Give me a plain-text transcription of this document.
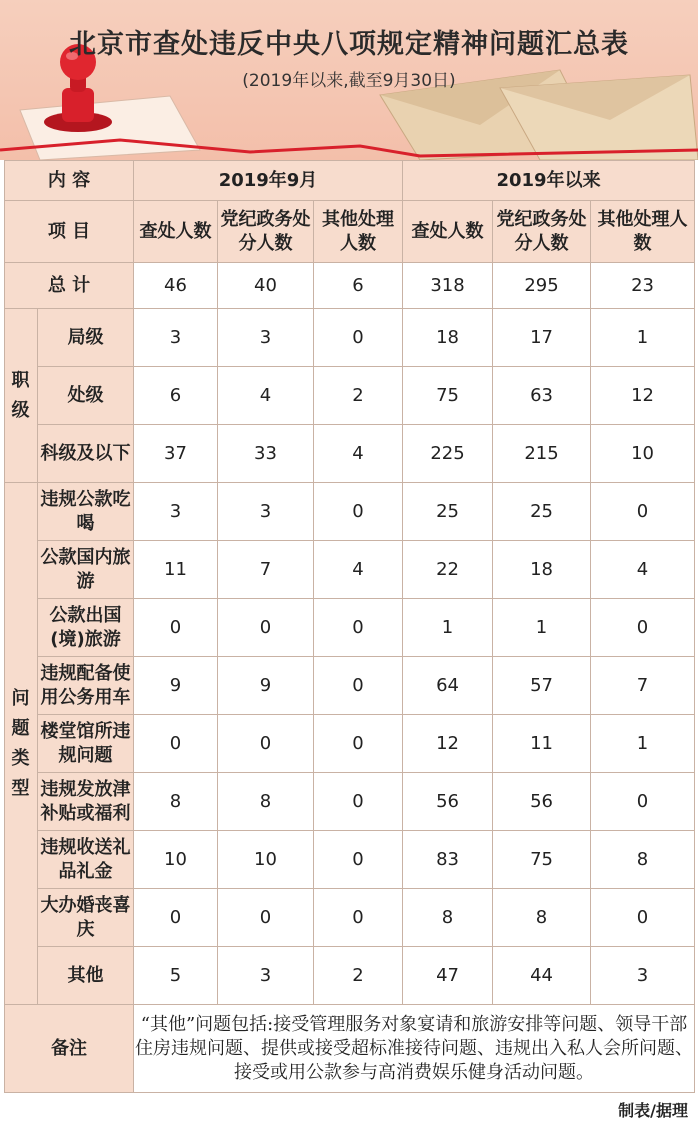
北京市查处违反中央八项规定精神问题汇总表
(2019年以来,截至9月30日)
内 容		2019年9月			2019年以来		
项 目		查处人数	党纪政务处分人数	其他处理人数	查处人数	党纪政务处分人数	其他处理人数
总 计		46	40	6	318	295	23
职级	局级	3	3	0	18	17	1
	处级	6	4	2	75	63	12
	科级及以下	37	33	4	225	215	10
问题类型	违规公款吃喝	3	3	0	25	25	0
	公款国内旅游	11	7	4	22	18	4
	公款出国(境)旅游	0	0	0	1	1	0
	违规配备使用公务用车	9	9	0	64	57	7
	楼堂馆所违规问题	0	0	0	12	11	1
	违规发放津补贴或福利	8	8	0	56	56	0
	违规收送礼品礼金	10	10	0	83	75	8
	大办婚丧喜庆	0	0	0	8	8	0
	其他	5	3	2	47	44	3
备注		“其他”问题包括:接受管理服务对象宴请和旅游安排等问题、领导干部住房违规问题、提供或接受超标准接待问题、违规出入私人会所问题、接受或用公款参与高消费娱乐健身活动问题。					
制表/据理
